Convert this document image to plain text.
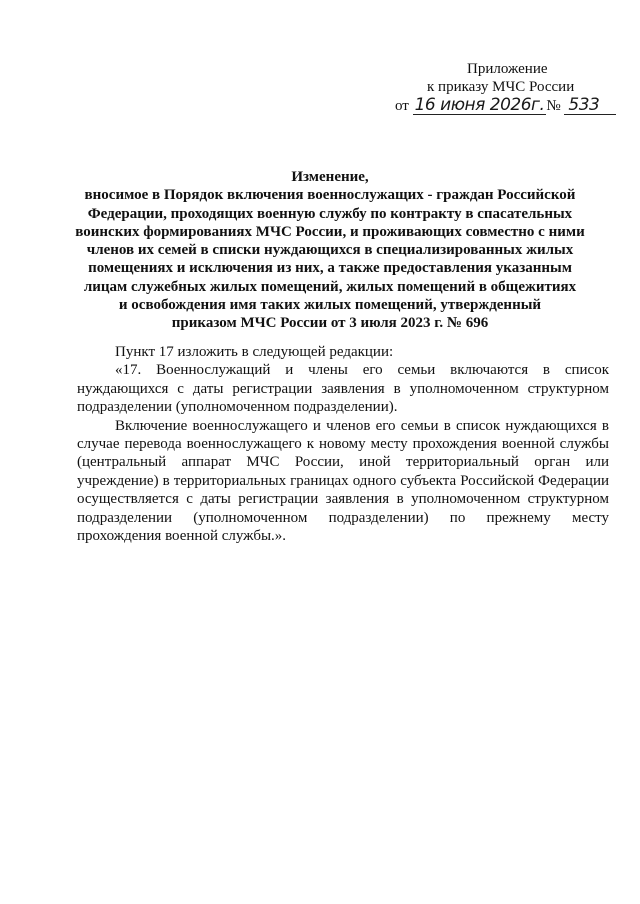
Приложение
к приказу МЧС России
от 16 июня 2026г. № 533
Изменение,
вносимое в Порядок включения военнослужащих - граждан Российской
Федерации, проходящих военную службу по контракту в спасательных
воинских формированиях МЧС России, и проживающих совместно с ними
членов их семей в списки нуждающихся в специализированных жилых
помещениях и исключения из них, а также предоставления указанным
лицам служебных жилых помещений, жилых помещений в общежитиях
и освобождения имя таких жилых помещений, утвержденный
приказом МЧС России от 3 июля 2023 г. № 696

Пункт 17 изложить в следующей редакции:

«17. Военнослужащий и члены его семьи включаются в список нуждающихся с даты регистрации заявления в уполномоченном структурном подразделении (уполномоченном подразделении).

Включение военнослужащего и членов его семьи в список нуждающихся в случае перевода военнослужащего к новому месту прохождения военной службы (центральный аппарат МЧС России, иной территориальный орган или учреждение) в территориальных границах одного субъекта Российской Федерации осуществляется с даты регистрации заявления в уполномоченном структурном подразделении (уполномоченном подразделении) по прежнему месту прохождения военной службы.».
